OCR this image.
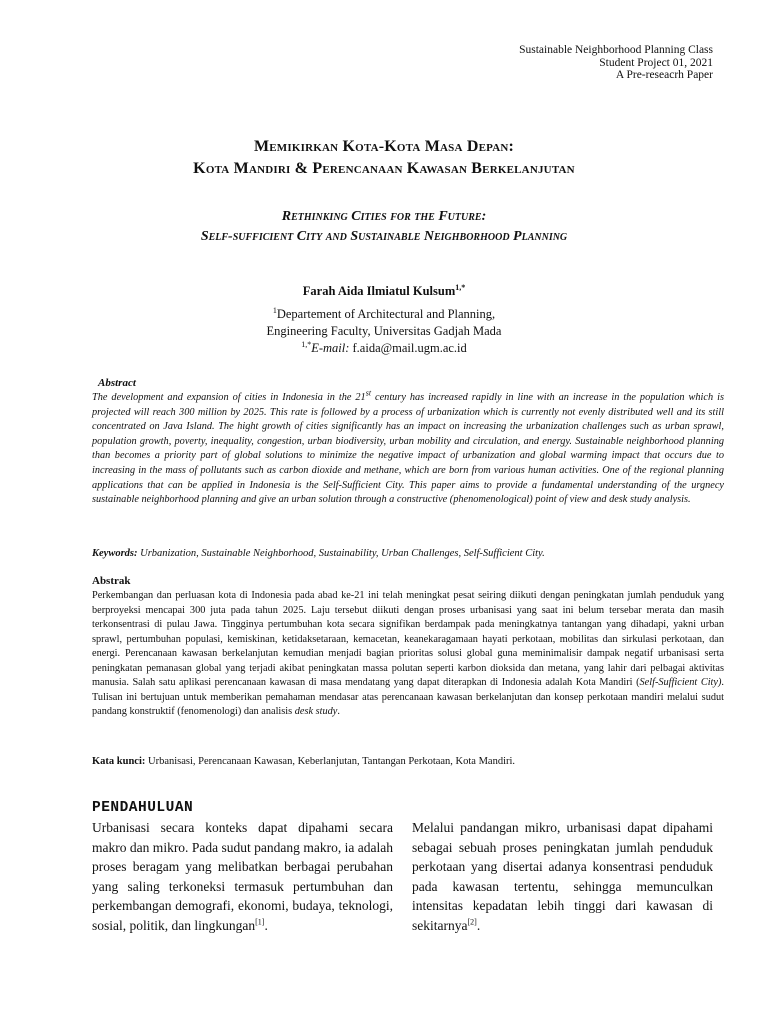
Sustainable Neighborhood Planning Class
Student Project 01, 2021
A Pre-reseacrh Paper
Memikirkan Kota-Kota Masa Depan:
Kota Mandiri & Perencanaan Kawasan Berkelanjutan
Rethinking Cities for the Future:
Self-sufficient City and Sustainable Neighborhood Planning
Farah Aida Ilmiatul Kulsum$^{1,*}$
$^1$Departement of Architectural and Planning,
Engineering Faculty, Universitas Gadjah Mada
$^{1,*}$E-mail: f.aida@mail.ugm.ac.id
Abstract
The development and expansion of cities in Indonesia in the 21st century has increased rapidly in line with an increase in the population which is projected will reach 300 million by 2025. This rate is followed by a process of urbanization which is currently not evenly distributed well and its still concentrated on Java Island. The hight growth of cities significantly has an impact on increasing the urbanization challenges such as urban sprawl, population growth, poverty, inequality, congestion, urban biodiversity, urban mobility and circulation, and energy. Sustainable neighborhood planning than becomes a priority part of global solutions to minimize the negative impact of urbanization and global warming impact that occurs due to increasing in the mass of pollutants such as carbon dioxide and methane, which are born from various human activities. One of the regional planning applications that can be applied in Indonesia is the Self-Sufficient City. This paper aims to provide a fundamental understanding of the urgnecy sustainable neighborhood planning and give an urban solution through a constructive (phenomenological) point of view and desk study analysis.
Keywords: Urbanization, Sustainable Neighborhood, Sustainability, Urban Challenges, Self-Sufficient City.
Abstrak
Perkembangan dan perluasan kota di Indonesia pada abad ke-21 ini telah meningkat pesat seiring diikuti dengan peningkatan jumlah penduduk yang berproyeksi mencapai 300 juta pada tahun 2025. Laju tersebut diikuti dengan proses urbanisasi yang saat ini belum tersebar merata dan masih terkonsentrasi di pulau Jawa. Tingginya pertumbuhan kota secara signifikan berdampak pada meningkatnya tantangan yang dihadapi, yakni urban sprawl, pertumbuhan populasi, kemiskinan, ketidaksetaraan, kemacetan, keanekaragamaan hayati perkotaan, mobilitas dan sirkulasi perkotaan, dan energi. Perencanaan kawasan berkelanjutan kemudian menjadi bagian prioritas solusi global guna meminimalisir dampak negatif urbanisasi serta peningkatan pemanasan global yang terjadi akibat peningkatan massa polutan seperti karbon dioksida dan metana, yang lahir dari pelbagai aktivitas manusia. Salah satu aplikasi perencanaan kawasan di masa mendatang yang dapat diterapkan di Indonesia adalah Kota Mandiri (Self-Sufficient City). Tulisan ini bertujuan untuk memberikan pemahaman mendasar atas perencanaan kawasan berkelanjutan dan konsep perkotaan mandiri melalui sudut pandang konstruktif (fenomenologi) dan analisis desk study.
Kata kunci: Urbanisasi, Perencanaan Kawasan, Keberlanjutan, Tantangan Perkotaan, Kota Mandiri.
PENDAHULUAN
Urbanisasi secara konteks dapat dipahami secara makro dan mikro. Pada sudut pandang makro, ia adalah proses beragam yang melibatkan berbagai perubahan yang saling terkoneksi termasuk pertumbuhan dan perkembangan demografi, ekonomi, budaya, teknologi, sosial, politik, dan lingkungan[1].
Melalui pandangan mikro, urbanisasi dapat dipahami sebagai sebuah proses peningkatan jumlah penduduk perkotaan yang disertai adanya konsentrasi penduduk pada kawasan tertentu, sehingga memunculkan intensitas kepadatan lebih tinggi dari kawasan di sekitarnya[2].
